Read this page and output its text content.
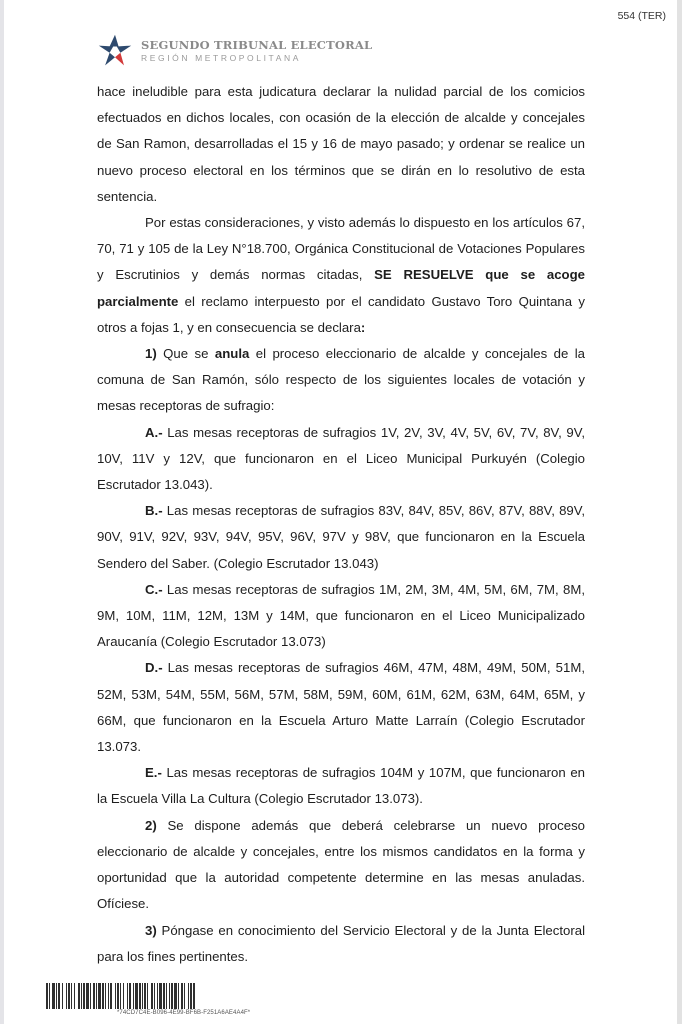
554 (TER)
SEGUNDO TRIBUNAL ELECTORAL
REGIÓN METROPOLITANA

hace ineludible para esta judicatura declarar la nulidad parcial de los comicios efectuados en dichos locales, con ocasión de la elección de alcalde y concejales de San Ramon, desarrolladas el 15 y 16 de mayo pasado; y ordenar se realice un nuevo proceso electoral en los términos que se dirán en lo resolutivo de esta sentencia.

Por estas consideraciones, y visto además lo dispuesto en los artículos 67, 70, 71 y 105 de la Ley N°18.700, Orgánica Constitucional de Votaciones Populares y Escrutinios y demás normas citadas, SE RESUELVE que se acoge parcialmente el reclamo interpuesto por el candidato Gustavo Toro Quintana y otros a fojas 1, y en consecuencia se declara:

1) Que se anula el proceso eleccionario de alcalde y concejales de la comuna de San Ramón, sólo respecto de los siguientes locales de votación y mesas receptoras de sufragio:

A.- Las mesas receptoras de sufragios 1V, 2V, 3V, 4V, 5V, 6V, 7V, 8V, 9V, 10V, 11V y 12V, que funcionaron en el Liceo Municipal Purkuyén (Colegio Escrutador 13.043).

B.- Las mesas receptoras de sufragios 83V, 84V, 85V, 86V, 87V, 88V, 89V, 90V, 91V, 92V, 93V, 94V, 95V, 96V, 97V y 98V, que funcionaron en la Escuela Sendero del Saber. (Colegio Escrutador 13.043)

C.- Las mesas receptoras de sufragios 1M, 2M, 3M, 4M, 5M, 6M, 7M, 8M, 9M, 10M, 11M, 12M, 13M y 14M, que funcionaron en el Liceo Municipalizado Araucanía (Colegio Escrutador 13.073)

D.- Las mesas receptoras de sufragios 46M, 47M, 48M, 49M, 50M, 51M, 52M, 53M, 54M, 55M, 56M, 57M, 58M, 59M, 60M, 61M, 62M, 63M, 64M, 65M, y 66M, que funcionaron en la Escuela Arturo Matte Larraín (Colegio Escrutador 13.073.

E.- Las mesas receptoras de sufragios 104M y 107M, que funcionaron en la Escuela Villa La Cultura (Colegio Escrutador 13.073).

2) Se dispone además que deberá celebrarse un nuevo proceso eleccionario de alcalde y concejales, entre los mismos candidatos en la forma y oportunidad que la autoridad competente determine en las mesas anuladas. Ofíciese.

3) Póngase en conocimiento del Servicio Electoral y de la Junta Electoral para los fines pertinentes.

*74CD7C4E-B096-4E99-BF6B-F251A6AE4A4F*
